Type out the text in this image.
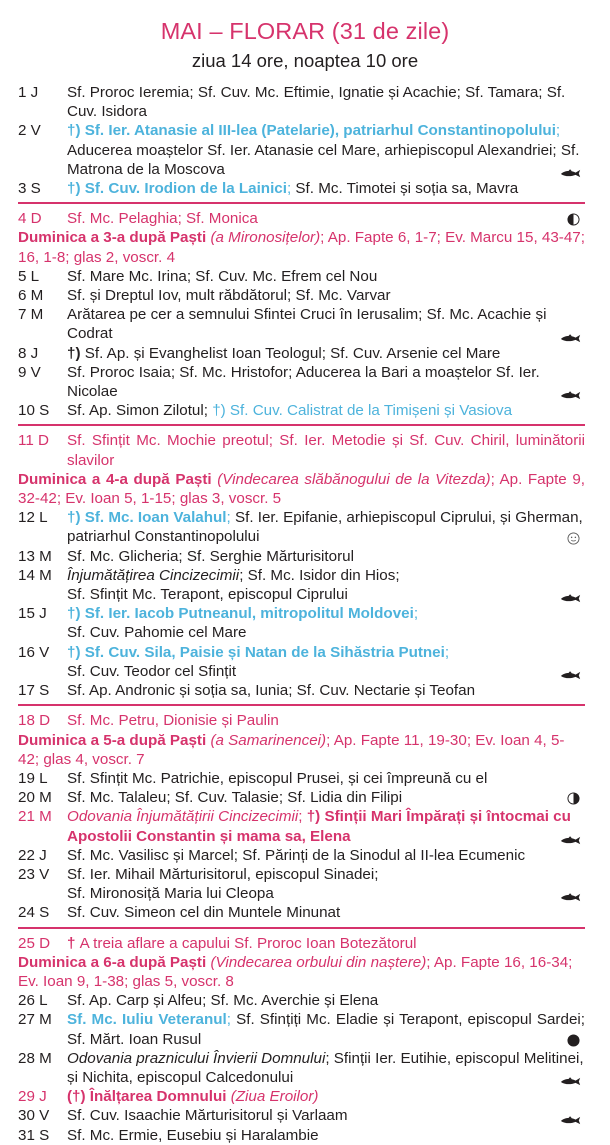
MAI – FLORAR (31 de zile)
ziua 14 ore, noaptea 10 ore
1 J	Sf. Proroc Ieremia; Sf. Cuv. Mc. Eftimie, Ignatie și Acachie; Sf. Tamara; Sf. Cuv. Isidora
2 V	†) Sf. Ier. Atanasie al III-lea (Patelarie), patriarhul Constantinopolului; Aducerea moaștelor Sf. Ier. Atanasie cel Mare, arhiepiscopul Alexandriei; Sf. Matrona de la Moscova
3 S	†) Sf. Cuv. Irodion de la Lainici; Sf. Mc. Timotei și soția sa, Mavra
4 D	Sf. Mc. Pelaghia; Sf. Monica
Duminica a 3-a după Paști (a Mironosițelor); Ap. Fapte 6, 1-7; Ev. Marcu 15, 43-47; 16, 1-8; glas 2, voscr. 4
5 L	Sf. Mare Mc. Irina; Sf. Cuv. Mc. Efrem cel Nou
6 M	Sf. și Dreptul Iov, mult răbdătorul; Sf. Mc. Varvar
7 M	Arătarea pe cer a semnului Sfintei Cruci în Ierusalim; Sf. Mc. Acachie și Codrat
8 J	†) Sf. Ap. și Evanghelist Ioan Teologul; Sf. Cuv. Arsenie cel Mare
9 V	Sf. Proroc Isaia; Sf. Mc. Hristofor; Aducerea la Bari a moaștelor Sf. Ier. Nicolae
10 S	Sf. Ap. Simon Zilotul; †) Sf. Cuv. Calistrat de la Timișeni și Vasiova
11 D	Sf. Sfințit Mc. Mochie preotul; Sf. Ier. Metodie și Sf. Cuv. Chiril, luminătorii slavilor
Duminica a 4-a după Paști (Vindecarea slăbănogului de la Vitezda); Ap. Fapte 9, 32-42; Ev. Ioan 5, 1-15; glas 3, voscr. 5
12 L	†) Sf. Mc. Ioan Valahul; Sf. Ier. Epifanie, arhiepiscopul Ciprului, și Gherman, patriarhul Constantinopolului
13 M	Sf. Mc. Glicheria; Sf. Serghie Mărturisitorul
14 M	Înjumătățirea Cincizecimii; Sf. Mc. Isidor din Hios;
Sf. Sfințit Mc. Terapont, episcopul Ciprului
15 J	†) Sf. Ier. Iacob Putneanul, mitropolitul Moldovei;
Sf. Cuv. Pahomie cel Mare
16 V	†) Sf. Cuv. Sila, Paisie și Natan de la Sihăstria Putnei;
Sf. Cuv. Teodor cel Sfințit
17 S	Sf. Ap. Andronic și soția sa, Iunia; Sf. Cuv. Nectarie și Teofan
18 D	Sf. Mc. Petru, Dionisie și Paulin
Duminica a 5-a după Paști (a Samarinencei); Ap. Fapte 11, 19-30; Ev. Ioan 4, 5-42; glas 4, voscr. 7
19 L	Sf. Sfințit Mc. Patrichie, episcopul Prusei, și cei împreună cu el
20 M	Sf. Mc. Talaleu; Sf. Cuv. Talasie; Sf. Lidia din Filipi
21 M	Odovania Înjumătățirii Cincizecimii; †) Sfinții Mari Împărați și întocmai cu Apostolii Constantin și mama sa, Elena
22 J	Sf. Mc. Vasilisc și Marcel; Sf. Părinți de la Sinodul al II-lea Ecumenic
23 V	Sf. Ier. Mihail Mărturisitorul, episcopul Sinadei;
Sf. Mironosiță Maria lui Cleopa
24 S	Sf. Cuv. Simeon cel din Muntele Minunat
25 D	† A treia aflare a capului Sf. Proroc Ioan Botezătorul
Duminica a 6-a după Paști (Vindecarea orbului din naștere); Ap. Fapte 16, 16-34; Ev. Ioan 9, 1-38; glas 5, voscr. 8
26 L	Sf. Ap. Carp și Alfeu; Sf. Mc. Averchie și Elena
27 M	Sf. Mc. Iuliu Veteranul; Sf. Sfințiți Mc. Eladie și Terapont, episcopul Sardei; Sf. Mărt. Ioan Rusul
28 M	Odovania praznicului Învierii Domnului; Sfinții Ier. Eutihie, episcopul Melitinei, și Nichita, episcopul Calcedonului
29 J	(†) Înălțarea Domnului (Ziua Eroilor)
30 V	Sf. Cuv. Isaachie Mărturisitorul și Varlaam
31 S	Sf. Mc. Ermie, Eusebiu și Haralambie
